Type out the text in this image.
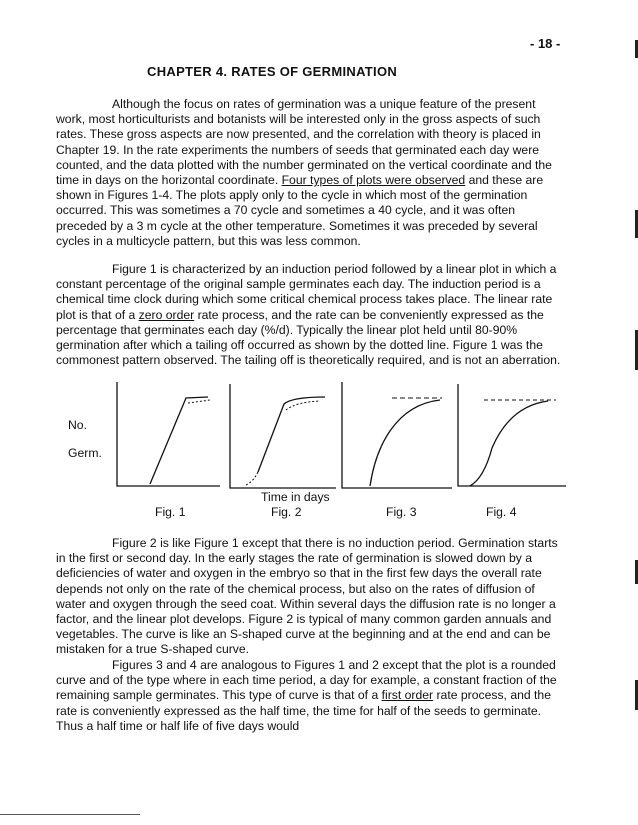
- 18 -
CHAPTER 4. RATES OF GERMINATION

Although the focus on rates of germination was a unique feature of the present work, most horticulturists and botanists will be interested only in the gross aspects of such rates. These gross aspects are now presented, and the correlation with theory is placed in Chapter 19. In the rate experiments the numbers of seeds that germinated each day were counted, and the data plotted with the number germinated on the vertical coordinate and the time in days on the horizontal coordinate. Four types of plots were observed and these are shown in Figures 1-4. The plots apply only to the cycle in which most of the germination occurred. This was sometimes a 70 cycle and sometimes a 40 cycle, and it was often preceded by a 3 m cycle at the other temperature. Sometimes it was preceded by several cycles in a multicycle pattern, but this was less common.

Figure 1 is characterized by an induction period followed by a linear plot in which a constant percentage of the original sample germinates each day. The induction period is a chemical time clock during which some critical chemical process takes place. The linear rate plot is that of a zero order rate process, and the rate can be conveniently expressed as the percentage that germinates each day (%/d). Typically the linear plot held until 80-90% germination after which a tailing off occurred as shown by the dotted line. Figure 1 was the commonest pattern observed. The tailing off is theoretically required, and is not an aberration.

No.
Germ.
Time in days
Fig. 1	Fig. 2	Fig. 3	Fig. 4

Figure 2 is like Figure 1 except that there is no induction period. Germination starts in the first or second day. In the early stages the rate of germination is slowed down by a deficiencies of water and oxygen in the embryo so that in the first few days the overall rate depends not only on the rate of the chemical process, but also on the rates of diffusion of water and oxygen through the seed coat. Within several days the diffusion rate is no longer a factor, and the linear plot develops. Figure 2 is typical of many common garden annuals and vegetables. The curve is like an S-shaped curve at the beginning and at the end and can be mistaken for a true S-shaped curve.

Figures 3 and 4 are analogous to Figures 1 and 2 except that the plot is a rounded curve and of the type where in each time period, a day for example, a constant fraction of the remaining sample germinates. This type of curve is that of a first order rate process, and the rate is conveniently expressed as the half time, the time for half of the seeds to germinate. Thus a half time or half life of five days would
